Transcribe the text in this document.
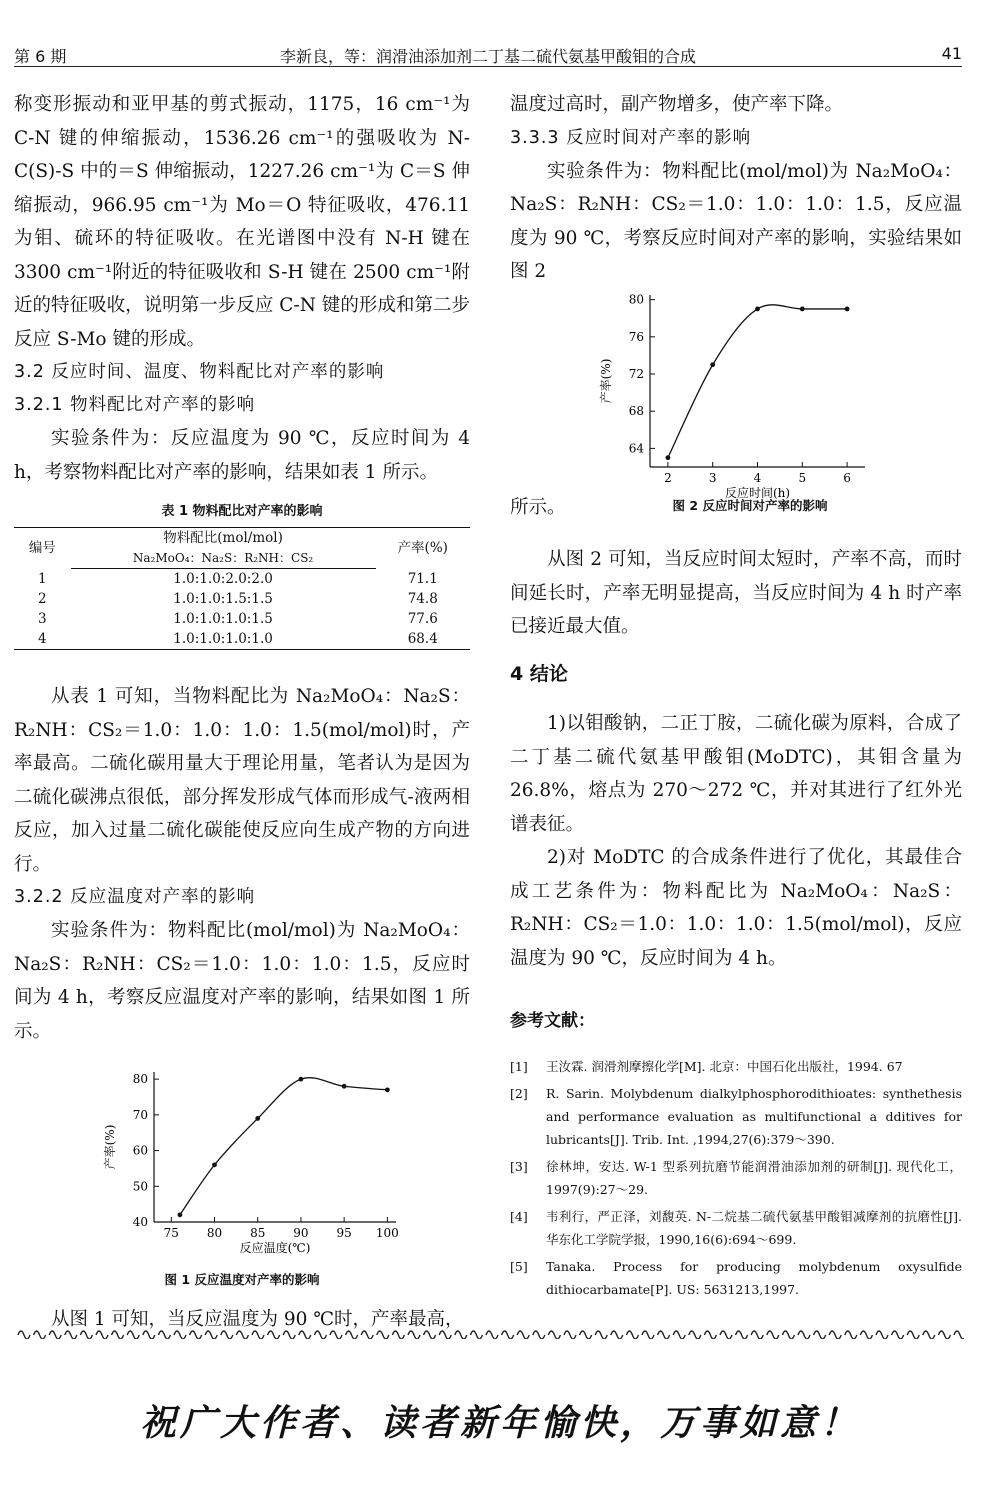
第 6 期	李新良，等：润滑油添加剂二丁基二硫代氨基甲酸钼的合成	41

称变形振动和亚甲基的剪式振动，1175，16 cm⁻¹为 C-N 键的伸缩振动，1536.26 cm⁻¹的强吸收为 N-C(S)-S 中的＝S 伸缩振动，1227.26 cm⁻¹为 C＝S 伸缩振动，966.95 cm⁻¹为 Mo＝O 特征吸收，476.11 为钼、硫环的特征吸收。在光谱图中没有 N-H 键在 3300 cm⁻¹附近的特征吸收和 S-H 键在 2500 cm⁻¹附近的特征吸收，说明第一步反应 C-N 键的形成和第二步反应 S-Mo 键的形成。

3.2 反应时间、温度、物料配比对产率的影响
3.2.1 物料配比对产率的影响

实验条件为：反应温度为 90 ℃，反应时间为 4 h，考察物料配比对产率的影响，结果如表 1 所示。

表 1 物料配比对产率的影响
编号	物料配比(mol/mol)	产率(%)
	Na₂MoO₄：Na₂S：R₂NH：CS₂	
1	1.0:1.0:2.0:2.0	71.1
2	1.0:1.0:1.5:1.5	74.8
3	1.0:1.0:1.0:1.5	77.6
4	1.0:1.0:1.0:1.0	68.4

从表 1 可知，当物料配比为 Na₂MoO₄：Na₂S：R₂NH：CS₂＝1.0：1.0：1.0：1.5(mol/mol)时，产率最高。二硫化碳用量大于理论用量，笔者认为是因为二硫化碳沸点很低，部分挥发形成气体而形成气-液两相反应，加入过量二硫化碳能使反应向生成产物的方向进行。

3.2.2 反应温度对产率的影响

实验条件为：物料配比(mol/mol)为 Na₂MoO₄：Na₂S：R₂NH：CS₂＝1.0：1.0：1.0：1.5，反应时间为 4 h，考察反应温度对产率的影响，结果如图 1 所示。

40
50
60
70
80
75 80 85 90 95 100
反应温度(℃)
产率(%)
图 1 反应温度对产率的影响

从图 1 可知，当反应温度为 90 ℃时，产率最高，

温度过高时，副产物增多，使产率下降。

3.3.3 反应时间对产率的影响

实验条件为：物料配比(mol/mol)为 Na₂MoO₄：Na₂S：R₂NH：CS₂＝1.0：1.0：1.0：1.5，反应温度为 90 ℃，考察反应时间对产率的影响，实验结果如图 2

64
68
72
76
80
2	3	4	5	6
反应时间(h)
产率(%)
图 2 反应时间对产率的影响
所示。

从图 2 可知，当反应时间太短时，产率不高，而时间延长时，产率无明显提高，当反应时间为 4 h 时产率已接近最大值。

4 结论

1)以钼酸钠，二正丁胺，二硫化碳为原料，合成了二丁基二硫代氨基甲酸钼(MoDTC)，其钼含量为 26.8%，熔点为 270～272 ℃，并对其进行了红外光谱表征。

2)对 MoDTC 的合成条件进行了优化，其最佳合成工艺条件为：物料配比为 Na₂MoO₄：Na₂S：R₂NH：CS₂＝1.0：1.0：1.0：1.5(mol/mol)，反应温度为 90 ℃，反应时间为 4 h。

参考文献：
[1]	王汝霖. 润滑剂摩擦化学[M]. 北京：中国石化出版社，1994. 67
[2]	R. Sarin. Molybdenum dialkylphosphorodithioates: synthethesis and performance evaluation as multifunctional a dditives for lubricants[J]. Trib. Int. ,1994,27(6):379～390.
[3]	徐林坤，安达. W-1 型系列抗磨节能润滑油添加剂的研制[J]. 现代化工，1997(9):27～29.
[4]	韦利行，严正泽，刘馥英. N-二烷基二硫代氨基甲酸钼减摩剂的抗磨性[J]. 华东化工学院学报，1990,16(6):694～699.
[5]	Tanaka. Process for producing molybdenum oxysulfide dithiocarbamate[P]. US: 5631213,1997.
祝广大作者、读者新年愉快，万事如意！
